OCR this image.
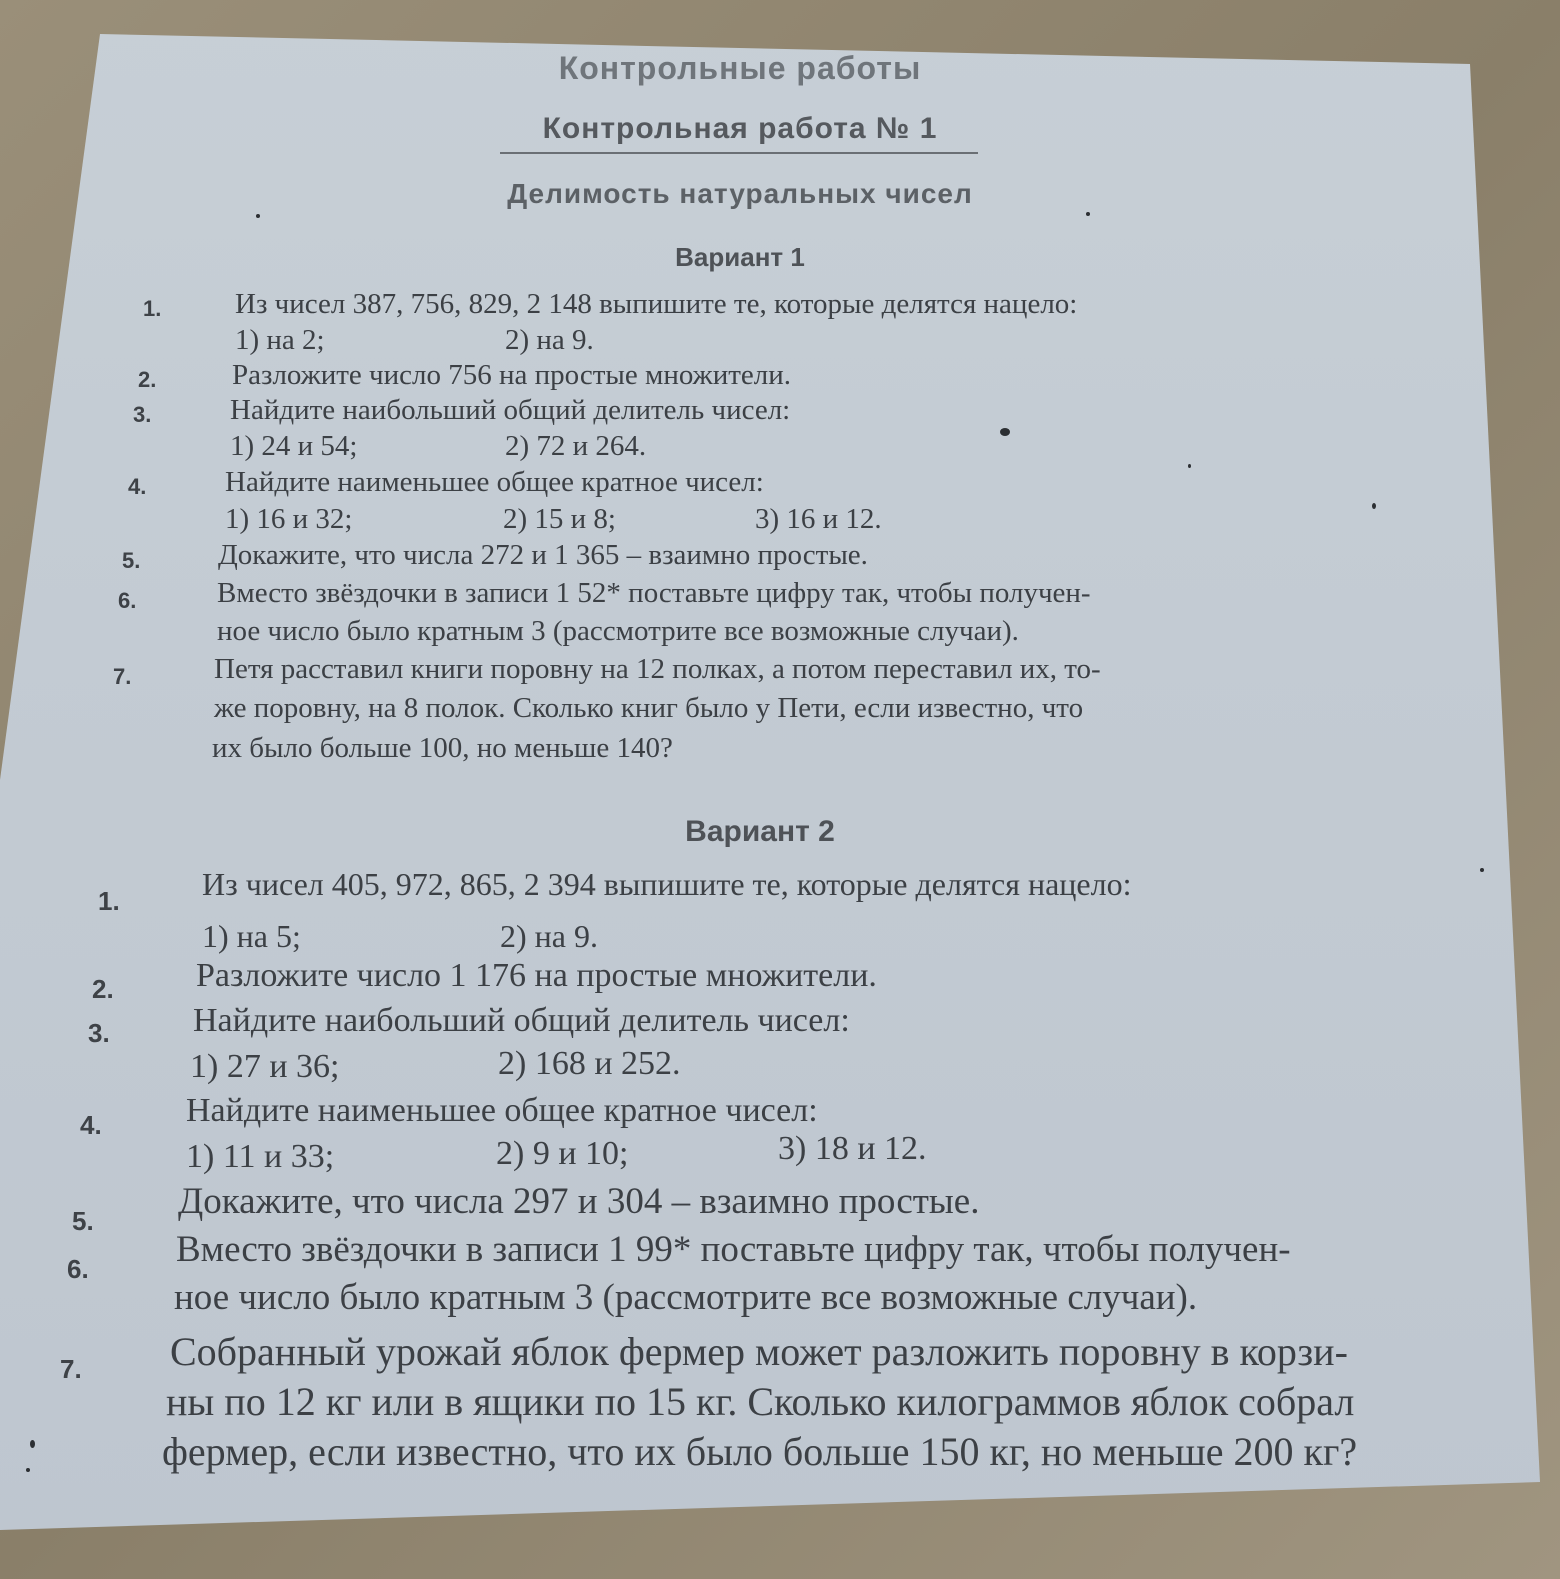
Контрольные работы
Контрольная работа № 1
Делимость натуральных чисел
Вариант 1
1.	Из чисел 387, 756, 829, 2 148 выпишите те, которые делятся нацело:
1) на 2;	2) на 9.
2.	Разложите число 756 на простые множители.
3.	Найдите наибольший общий делитель чисел:
1) 24 и 54;	2) 72 и 264.
4.	Найдите наименьшее общее кратное чисел:
1) 16 и 32;	2) 15 и 8;	3) 16 и 12.
5.	Докажите, что числа 272 и 1 365 – взаимно простые.
6.	Вместо звёздочки в записи 1 52* поставьте цифру так, чтобы получен-
ное число было кратным 3 (рассмотрите все возможные случаи).
7.	Петя расставил книги поровну на 12 полках, а потом переставил их, то-
же поровну, на 8 полок. Сколько книг было у Пети, если известно, что
их было больше 100, но меньше 140?
Вариант 2
1.	Из чисел 405, 972, 865, 2 394 выпишите те, которые делятся нацело:
1) на 5;	2) на 9.
2. Разложите число 1 176 на простые множители.
3. Найдите наибольший общий делитель чисел:
1) 27 и 36;	2) 168 и 252.
4. Найдите наименьшее общее кратное чисел:
1) 11 и 33;	2) 9 и 10;	3) 18 и 12.
5. Докажите, что числа 297 и 304 – взаимно простые.
6. Вместо звёздочки в записи 1 99* поставьте цифру так, чтобы получен-
ное число было кратным 3 (рассмотрите все возможные случаи).
7. Собранный урожай яблок фермер может разложить поровну в корзи-
ны по 12 кг или в ящики по 15 кг. Сколько килограммов яблок собрал
фермер, если известно, что их было больше 150 кг, но меньше 200 кг?
